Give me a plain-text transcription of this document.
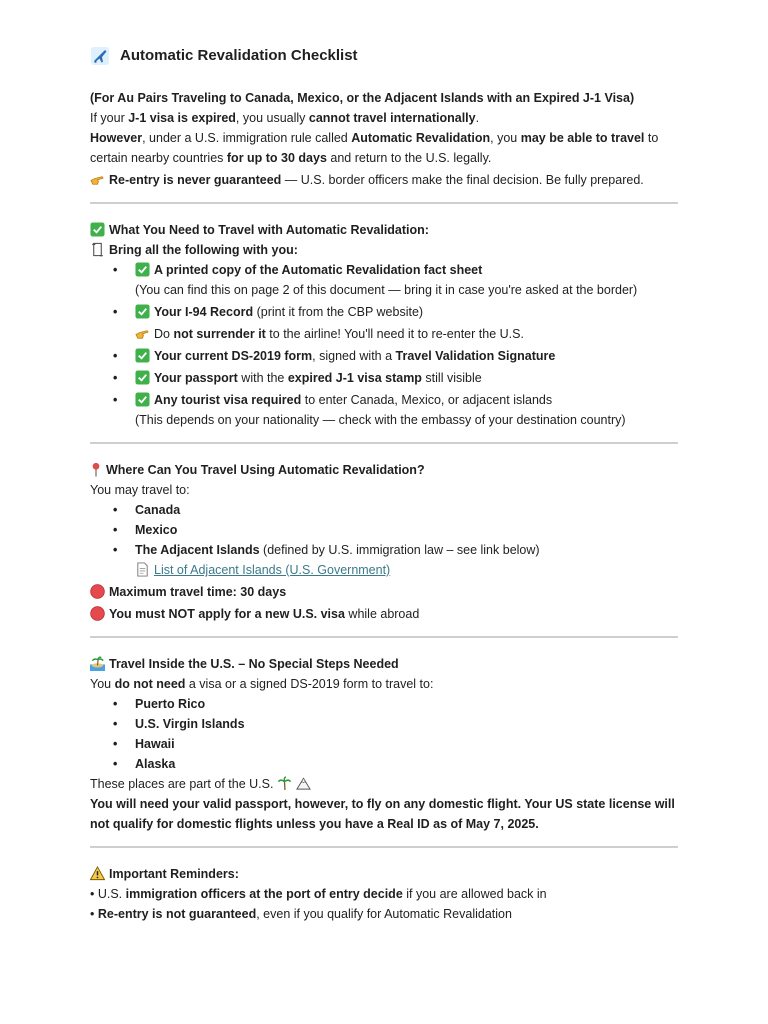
Automatic Revalidation Checklist

(For Au Pairs Traveling to Canada, Mexico, or the Adjacent Islands with an Expired J-1 Visa)

If your J-1 visa is expired, you usually cannot travel internationally.

However, under a U.S. immigration rule called Automatic Revalidation, you may be able to travel to certain nearby countries for up to 30 days and return to the U.S. legally.

Re-entry is never guaranteed — U.S. border officers make the final decision. Be fully prepared.

What You Need to Travel with Automatic Revalidation:

Bring all the following with you:

• A printed copy of the Automatic Revalidation fact sheet
(You can find this on page 2 of this document — bring it in case you're asked at the border)
• Your I-94 Record (print it from the CBP website)
Do not surrender it to the airline! You'll need it to re-enter the U.S.
• Your current DS-2019 form, signed with a Travel Validation Signature
• Your passport with the expired J-1 visa stamp still visible
• Any tourist visa required to enter Canada, Mexico, or adjacent islands
(This depends on your nationality — check with the embassy of your destination country)

Where Can You Travel Using Automatic Revalidation?

You may travel to:

• Canada
• Mexico
• The Adjacent Islands (defined by U.S. immigration law – see link below)
List of Adjacent Islands (U.S. Government)

Maximum travel time: 30 days

You must NOT apply for a new U.S. visa while abroad

Travel Inside the U.S. – No Special Steps Needed

You do not need a visa or a signed DS-2019 form to travel to:

• Puerto Rico
• U.S. Virgin Islands
• Hawaii
• Alaska

These places are part of the U.S.

You will need your valid passport, however, to fly on any domestic flight. Your US state license will not qualify for domestic flights unless you have a Real ID as of May 7, 2025.

Important Reminders:

• U.S. immigration officers at the port of entry decide if you are allowed back in

• Re-entry is not guaranteed, even if you qualify for Automatic Revalidation
